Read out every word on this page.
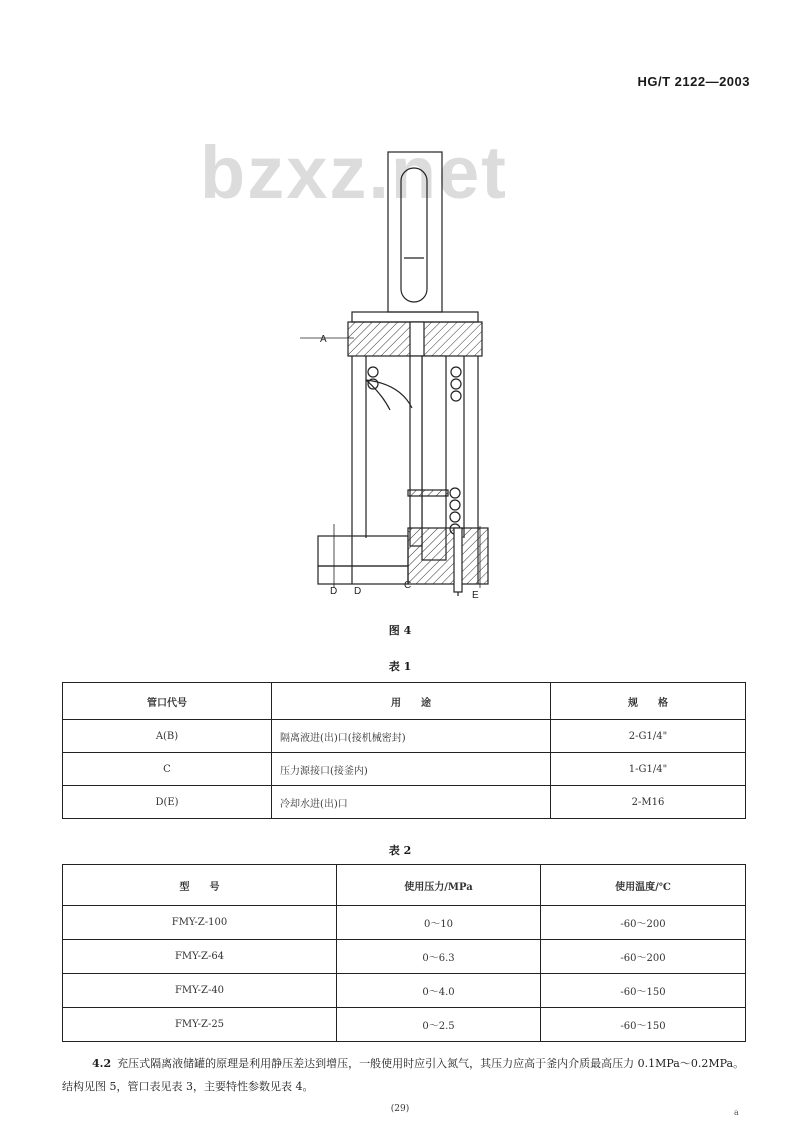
HG/T 2122—2003
bzxz.net
A
D D
C
E
图 4
表 1
管口代号	用　　途	规　　格
A(B)	隔离液进(出)口(接机械密封)	2-G1/4"
C	压力源接口(接釜内)	1-G1/4"
D(E)	冷却水进(出)口	2-M16
表 2
型　　号	使用压力/MPa	使用温度/℃
FMY-Z-100	0～10	-60～200
FMY-Z-64	0～6.3	-60～200
FMY-Z-40	0～4.0	-60～150
FMY-Z-25	0～2.5	-60～150
4.2 充压式隔离液储罐的原理是利用静压差达到增压，一般使用时应引入氮气，其压力应高于釜内介质最高压力 0.1MPa～0.2MPa。结构见图 5，管口表见表 3，主要特性参数见表 4。
(29)	a
